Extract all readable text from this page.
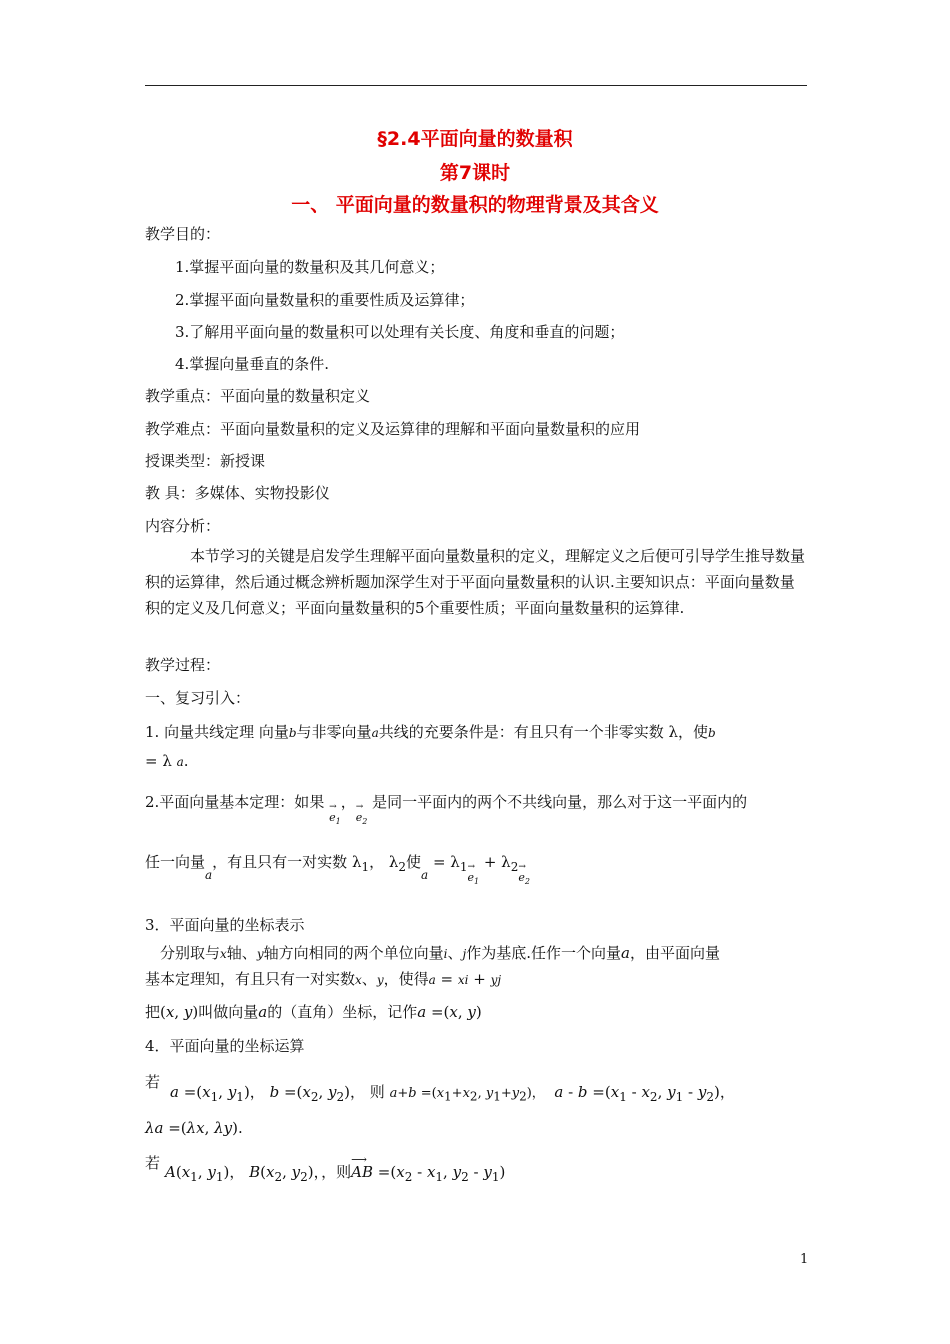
§2.4平面向量的数量积
第7课时
一、 平面向量的数量积的物理背景及其含义
教学目的：
1.掌握平面向量的数量积及其几何意义；
2.掌握平面向量数量积的重要性质及运算律；
3.了解用平面向量的数量积可以处理有关长度、角度和垂直的问题；
4.掌握向量垂直的条件.
教学重点：平面向量的数量积定义
教学难点：平面向量数量积的定义及运算律的理解和平面向量数量积的应用
授课类型：新授课
教 具：多媒体、实物投影仪
内容分析：
本节学习的关键是启发学生理解平面向量数量积的定义，理解定义之后便可引导学生推导数量积的运算律，然后通过概念辨析题加深学生对于平面向量数量积的认识.主要知识点：平面向量数量积的定义及几何意义；平面向量数量积的5个重要性质；平面向量数量积的运算律.
教学过程：
一、复习引入：
1. 向量共线定理 向量b与非零向量a共线的充要条件是：有且只有一个非零实数 λ，使b
= λ a.
2.平面向量基本定理：如果 → $e_1$，→ $e_2$ 是同一平面内的两个不共线向量，那么对于这一平面内的
任一向量$_a$，有且只有一对实数 $\lambda_1$， $\lambda_2$使$_a = \lambda_1\to e_1 + \lambda_2\to e_2$
3．平面向量的坐标表示
分别取与x轴、y轴方向相同的两个单位向量i、j作为基底.任作一个向量a，由平面向量
基本定理知，有且只有一对实数x、y，使得a = xi + yj
把(x, y)叫做向量a的（直角）坐标，记作a =(x, y)
4．平面向量的坐标运算
若
$a =(x_1$, $y_1$)， $b =(x_2$, $y_2$)， 则 $a+b =(x_1+x_2$, $y_1+y_2$)， $a - b =(x_1 - x_2$, $y_1 - y_2$)，
λa =(λx, λy).
若 $A(x_1$, $y_1$)， $B(x_2$, $y_2$)，，则AB
⟶
$=(x_2 - x_1$, $y_2 - y_1$)
1
